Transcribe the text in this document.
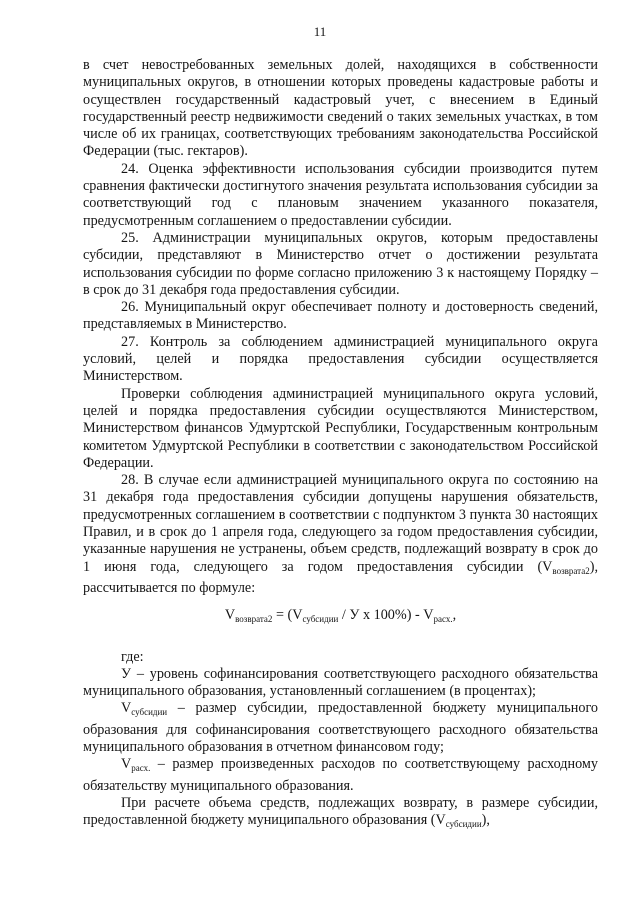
11

в счет невостребованных земельных долей, находящихся в собственности муниципальных округов, в отношении которых проведены кадастровые работы и осуществлен государственный кадастровый учет, с внесением в Единый государственный реестр недвижимости сведений о таких земельных участках, в том числе об их границах, соответствующих требованиям законодательства Российской Федерации (тыс. гектаров).

24. Оценка эффективности использования субсидии производится путем сравнения фактически достигнутого значения результата использования субсидии за соответствующий год с плановым значением указанного показателя, предусмотренным соглашением о предоставлении субсидии.

25. Администрации муниципальных округов, которым предоставлены субсидии, представляют в Министерство отчет о достижении результата использования субсидии по форме согласно приложению 3 к настоящему Порядку – в срок до 31 декабря года предоставления субсидии.

26. Муниципальный округ обеспечивает полноту и достоверность сведений, представляемых в Министерство.

27. Контроль за соблюдением администрацией муниципального округа условий, целей и порядка предоставления субсидии осуществляется Министерством.

Проверки соблюдения администрацией муниципального округа условий, целей и порядка предоставления субсидии осуществляются Министерством, Министерством финансов Удмуртской Республики, Государственным контрольным комитетом Удмуртской Республики в соответствии с законодательством Российской Федерации.

28. В случае если администрацией муниципального округа по состоянию на 31 декабря года предоставления субсидии допущены нарушения обязательств, предусмотренных соглашением в соответствии с подпунктом 3 пункта 30 настоящих Правил, и в срок до 1 апреля года, следующего за годом предоставления субсидии, указанные нарушения не устранены, объем средств, подлежащий возврату в срок до 1 июня года, следующего за годом предоставления субсидии $(V_{возврата2})$, рассчитывается по формуле:

$V_{возврата2} = (V_{субсидии} / У$ х $100\%) - V_{расх.}$,

где:

У – уровень софинансирования соответствующего расходного обязательства муниципального образования, установленный соглашением (в процентах);

$V_{субсидии}$ – размер субсидии, предоставленной бюджету муниципального образования для софинансирования соответствующего расходного обязательства муниципального образования в отчетном финансовом году;

$V_{расх.}$ – размер произведенных расходов по соответствующему расходному обязательству муниципального образования.

При расчете объема средств, подлежащих возврату, в размере субсидии, предоставленной бюджету муниципального образования $(V_{субсидии})$,
